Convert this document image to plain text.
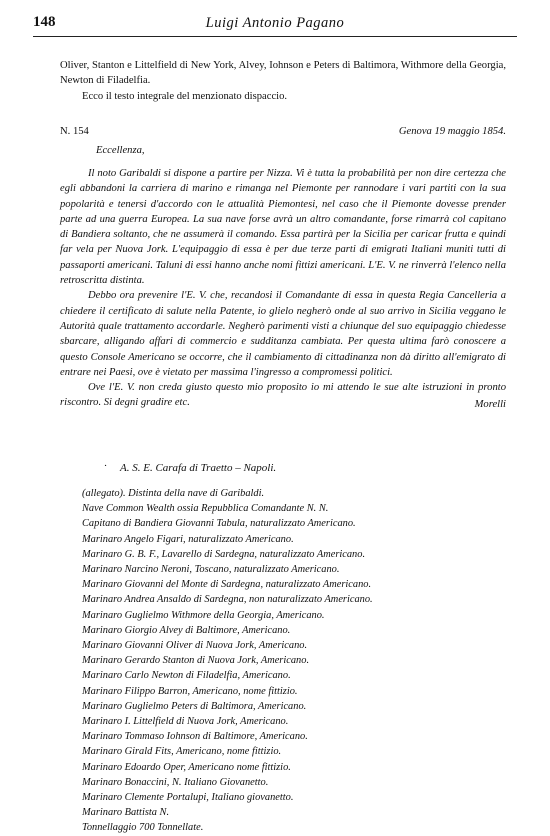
148	Luigi Antonio Pagano

Oliver, Stanton e Littelfield di New York, Alvey, Iohnson e Peters di Baltimora, Withmore della Georgia, Newton di Filadelfia.

Ecco il testo integrale del menzionato dispaccio.

N. 154	Genova 19 maggio 1854.
Eccellenza,

Il noto Garibaldi si dispone a partire per Nizza. Vi è tutta la probabilità per non dire certezza che egli abbandoni la carriera di marino e rimanga nel Piemonte per rannodare i vari partiti con la sua popolarità e tenersi d'accordo con le attualità Piemontesi, nel caso che il Piemonte dovesse prender parte ad una guerra Europea. La sua nave forse avrà un altro comandante, forse rimarrà col capitano di Bandiera soltanto, che ne assumerà il comando. Essa partirà per la Sicilia per caricar frutta e quindi far vela per Nuova Jork. L'equipaggio di essa è per due terze parti di emigrati Italiani muniti tutti di passaporti americani. Taluni di essi hanno anche nomi fittizi americani. L'E. V. ne rinverrà l'elenco nella retroscritta distinta.

Debbo ora prevenire l'E. V. che, recandosi il Comandante di essa in questa Regia Cancelleria a chiedere il certificato di salute nella Patente, io glielo negherò onde al suo arrivo in Sicilia veggano le Autorità quale trattamento accordarle. Negherò parimenti visti a chiunque del suo equipaggio chiedesse sbarcare, alligando affari di commercio e sudditanza cambiata. Per questa ultima farò conoscere a questo Console Americano se occorre, che il cambiamento di cittadinanza non dà diritto all'emigrato di entrare nei Paesi, ove è vietato per massima l'ingresso a compromessi politici.

Ove l'E. V. non creda giusto questo mio proposito io mi attendo le sue alte istruzioni in pronto riscontro. Si degni gradire etc.	Morelli
· A. S. E. Carafa di Traetto – Napoli.
(allegato). Distinta della nave di Garibaldi.
Nave Common Wealth ossia Repubblica Comandante N. N.
Capitano di Bandiera Giovanni Tabula, naturalizzato Americano.
Marinaro Angelo Figari, naturalizzato Americano.
Marinaro G. B. F., Lavarello di Sardegna, naturalizzato Americano.
Marinaro Narcino Neroni, Toscano, naturalizzato Americano.
Marinaro Giovanni del Monte di Sardegna, naturalizzato Americano.
Marinaro Andrea Ansaldo di Sardegna, non naturalizzato Americano.
Marinaro Guglielmo Withmore della Georgia, Americano.
Marinaro Giorgio Alvey di Baltimore, Americano.
Marinaro Giovanni Oliver di Nuova Jork, Americano.
Marinaro Gerardo Stanton di Nuova Jork, Americano.
Marinaro Carlo Newton di Filadelfia, Americano.
Marinaro Filippo Barron, Americano, nome fittizio.
Marinaro Guglielmo Peters di Baltimora, Americano.
Marinaro I. Littelfield di Nuova Jork, Americano.
Marinaro Tommaso Iohnson di Baltimore, Americano.
Marinaro Girald Fits, Americano, nome fittizio.
Marinaro Edoardo Oper, Americano nome fittizio.
Marinaro Bonaccini, N. Italiano Giovanetto.
Marinaro Clemente Portalupi, Italiano giovanetto.
Marinaro Battista N.
Tonnellaggio 700 Tonnellate.
